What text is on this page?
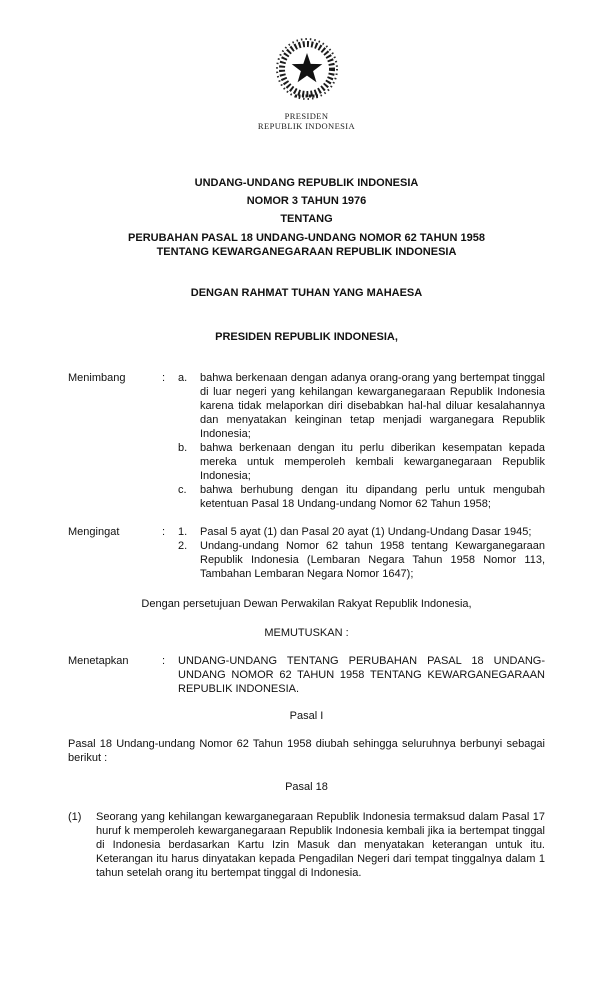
PRESIDEN
REPUBLIK INDONESIA
UNDANG-UNDANG REPUBLIK INDONESIA
NOMOR 3 TAHUN 1976
TENTANG
PERUBAHAN PASAL 18 UNDANG-UNDANG NOMOR 62 TAHUN 1958
TENTANG KEWARGANEGARAAN REPUBLIK INDONESIA
DENGAN RAHMAT TUHAN YANG MAHAESA
PRESIDEN REPUBLIK INDONESIA,
Menimbang	:	a.	bahwa berkenaan dengan adanya orang-orang yang bertempat tinggal di luar negeri yang kehilangan kewarganegaraan Republik Indonesia karena tidak melaporkan diri disebabkan hal-hal diluar kesalahannya dan menyatakan keinginan tetap menjadi warganegara Republik Indonesia;
b.	bahwa berkenaan dengan itu perlu diberikan kesempatan kepada mereka untuk memperoleh kembali kewarganegaraan Republik Indonesia;
c.	bahwa berhubung dengan itu dipandang perlu untuk mengubah ketentuan Pasal 18 Undang-undang Nomor 62 Tahun 1958;
Mengingat	:	1.	Pasal 5 ayat (1) dan Pasal 20 ayat (1) Undang-Undang Dasar 1945;
2.	Undang-undang Nomor 62 tahun 1958 tentang Kewarganegaraan Republik Indonesia (Lembaran Negara Tahun 1958 Nomor 113, Tambahan Lembaran Negara Nomor 1647);
Dengan persetujuan Dewan Perwakilan Rakyat Republik Indonesia,
MEMUTUSKAN :
Menetapkan	:	UNDANG-UNDANG TENTANG PERUBAHAN PASAL 18 UNDANG-UNDANG NOMOR 62 TAHUN 1958 TENTANG KEWARGANEGARAAN REPUBLIK INDONESIA.
Pasal I
Pasal 18 Undang-undang Nomor 62 Tahun 1958 diubah sehingga seluruhnya berbunyi sebagai berikut :
Pasal 18
(1)	Seorang yang kehilangan kewarganegaraan Republik Indonesia termaksud dalam Pasal 17 huruf k memperoleh kewarganegaraan Republik Indonesia kembali jika ia bertempat tinggal di Indonesia berdasarkan Kartu Izin Masuk dan menyatakan keterangan untuk itu. Keterangan itu harus dinyatakan kepada Pengadilan Negeri dari tempat tinggalnya dalam 1 tahun setelah orang itu bertempat tinggal di Indonesia.
